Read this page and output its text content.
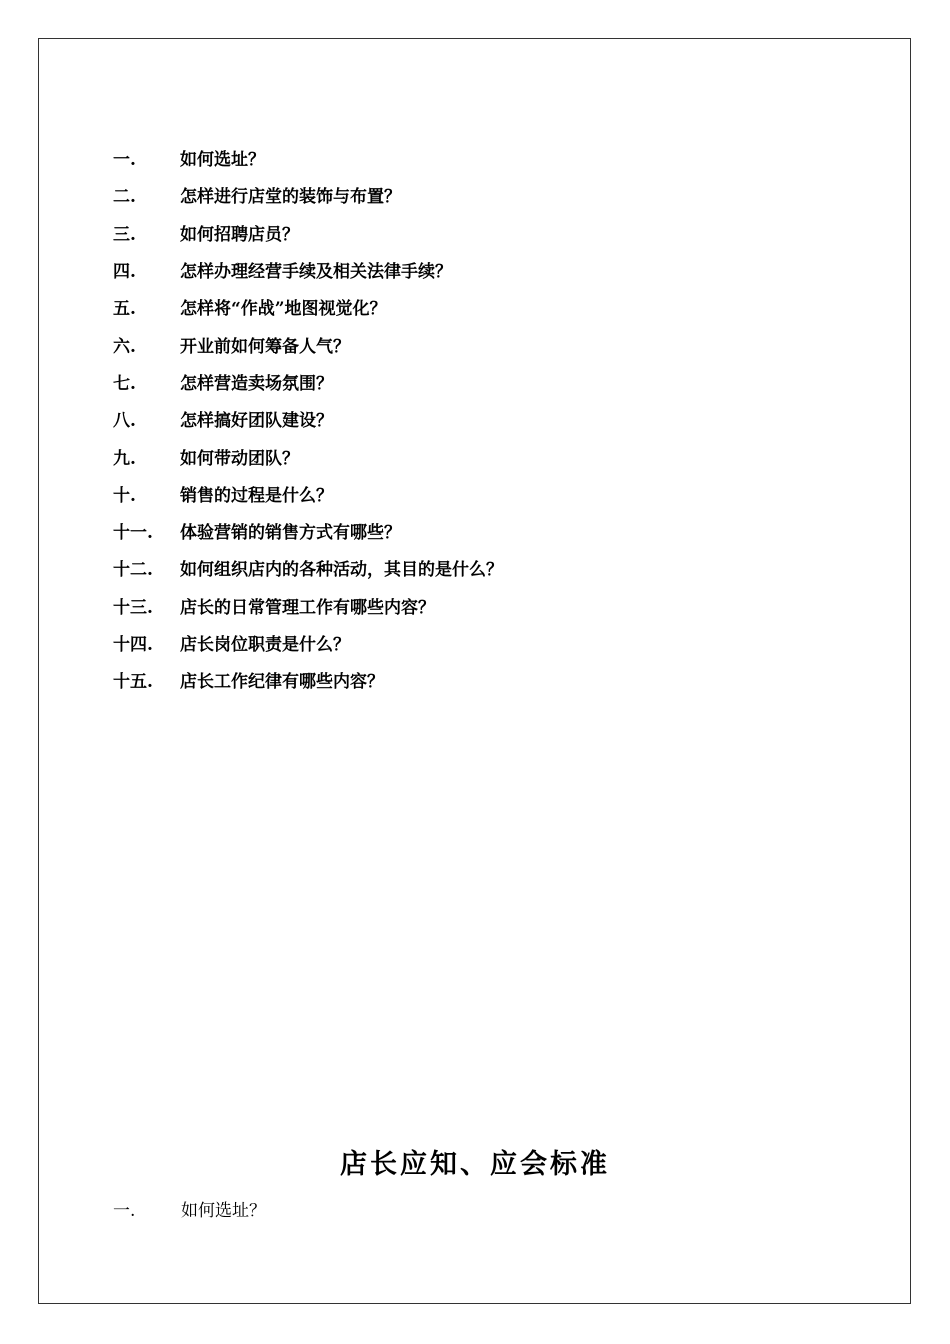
一.	如何选址？
二.	怎样进行店堂的装饰与布置？
三.	如何招聘店员？
四.	怎样办理经营手续及相关法律手续？
五.	怎样将“作战”地图视觉化？
六.	开业前如何筹备人气？
七.	怎样营造卖场氛围？
八.	怎样搞好团队建设？
九.	如何带动团队？
十.	销售的过程是什么？
十一.	体验营销的销售方式有哪些？
十二.	如何组织店内的各种活动，其目的是什么？
十三.	店长的日常管理工作有哪些内容？
十四.	店长岗位职责是什么？
十五.	店长工作纪律有哪些内容？
店长应知、应会标准
一.	如何选址？
